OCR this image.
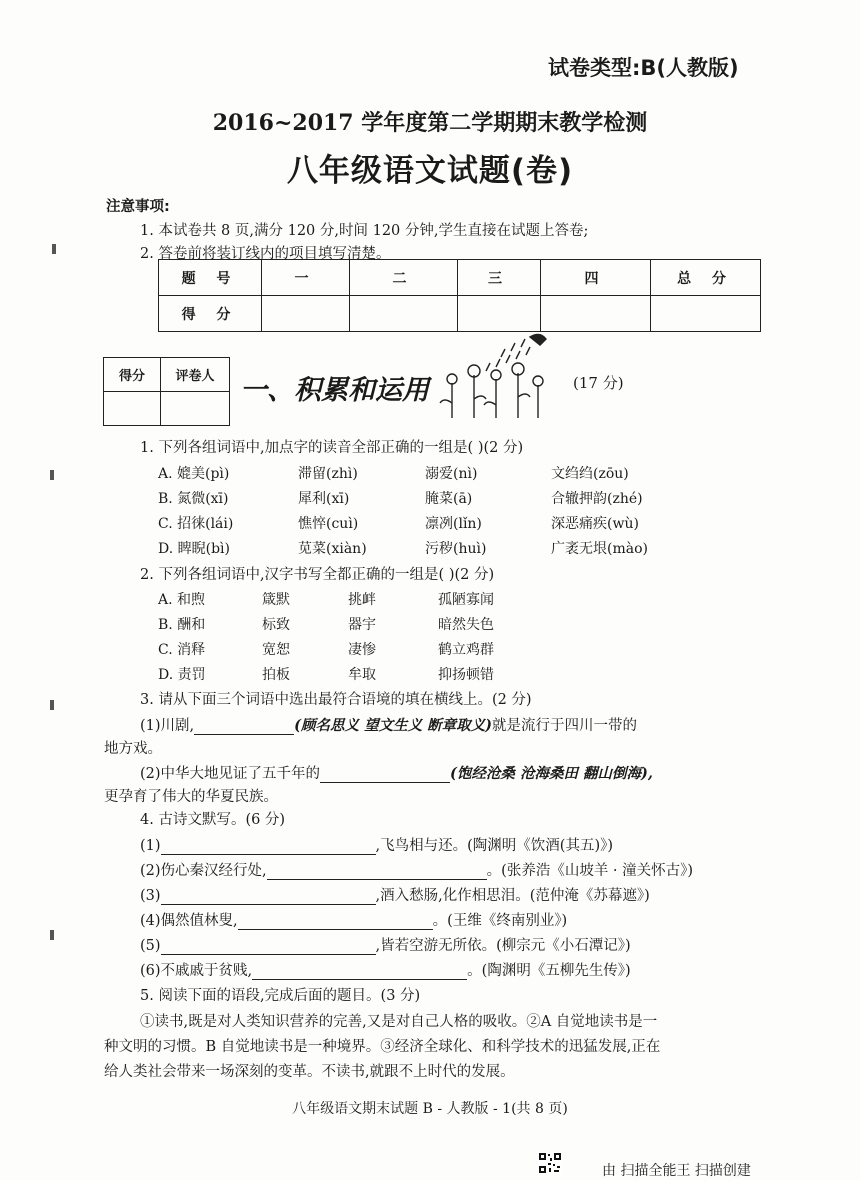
试卷类型:B(人教版)
2016~2017 学年度第二学期期末教学检测
八年级语文试题(卷)
注意事项:
1. 本试卷共 8 页,满分 120 分,时间 120 分钟,学生直接在试题上答卷;
2. 答卷前将装订线内的项目填写清楚。
题 号	一	二	三	四	总 分
得 分					
得分	评卷人
	一、积累和运用	(17 分)
1. 下列各组词语中,加点字的读音全部正确的一组是( )(2 分)
A. 媲美(pì)	滞留(zhì)	溺爱(nì)	文绉绉(zōu)
B. 氮微(xī)	犀利(xī)	腌菜(ā)	合辙押韵(zhé)
C. 招徕(lái)	憔悴(cuì)	凛冽(lǐn)	深恶痛疾(wù)
D. 睥睨(bì)	苋菜(xiàn)	污秽(huì)	广袤无垠(mào)
2. 下列各组词语中,汉字书写全都正确的一组是( )(2 分)
A. 和煦	箴默	挑衅	孤陋寡闻
B. 酬和	标致	器宇	暗然失色
C. 消释	宽恕	凄惨	鹤立鸡群
D. 责罚	拍板	牟取	抑扬顿错
3. 请从下面三个词语中选出最符合语境的填在横线上。(2 分)
(1)川剧,	(顾名思义 望文生义 断章取义)就是流行于四川一带的
地方戏。
(2)中华大地见证了五千年的	(饱经沧桑 沧海桑田 翻山倒海),
更孕育了伟大的华夏民族。
4. 古诗文默写。(6 分)
(1)	,飞鸟相与还。(陶渊明《饮酒(其五)》)
(2)伤心秦汉经行处,	。(张养浩《山坡羊 · 潼关怀古》)
(3)	,酒入愁肠,化作相思泪。(范仲淹《苏幕遮》)
(4)偶然值林叟,	。(王维《终南别业》)
(5)	,皆若空游无所依。(柳宗元《小石潭记》)
(6)不戚戚于贫贱,	。(陶渊明《五柳先生传》)
5. 阅读下面的语段,完成后面的题目。(3 分)
①读书,既是对人类知识营养的完善,又是对自己人格的吸收。②A 自觉地读书是一
种文明的习惯。B 自觉地读书是一种境界。③经济全球化、和科学技术的迅猛发展,正在
给人类社会带来一场深刻的变革。不读书,就跟不上时代的发展。
八年级语文期末试题 B - 人教版 - 1(共 8 页)
由 扫描全能王 扫描创建
